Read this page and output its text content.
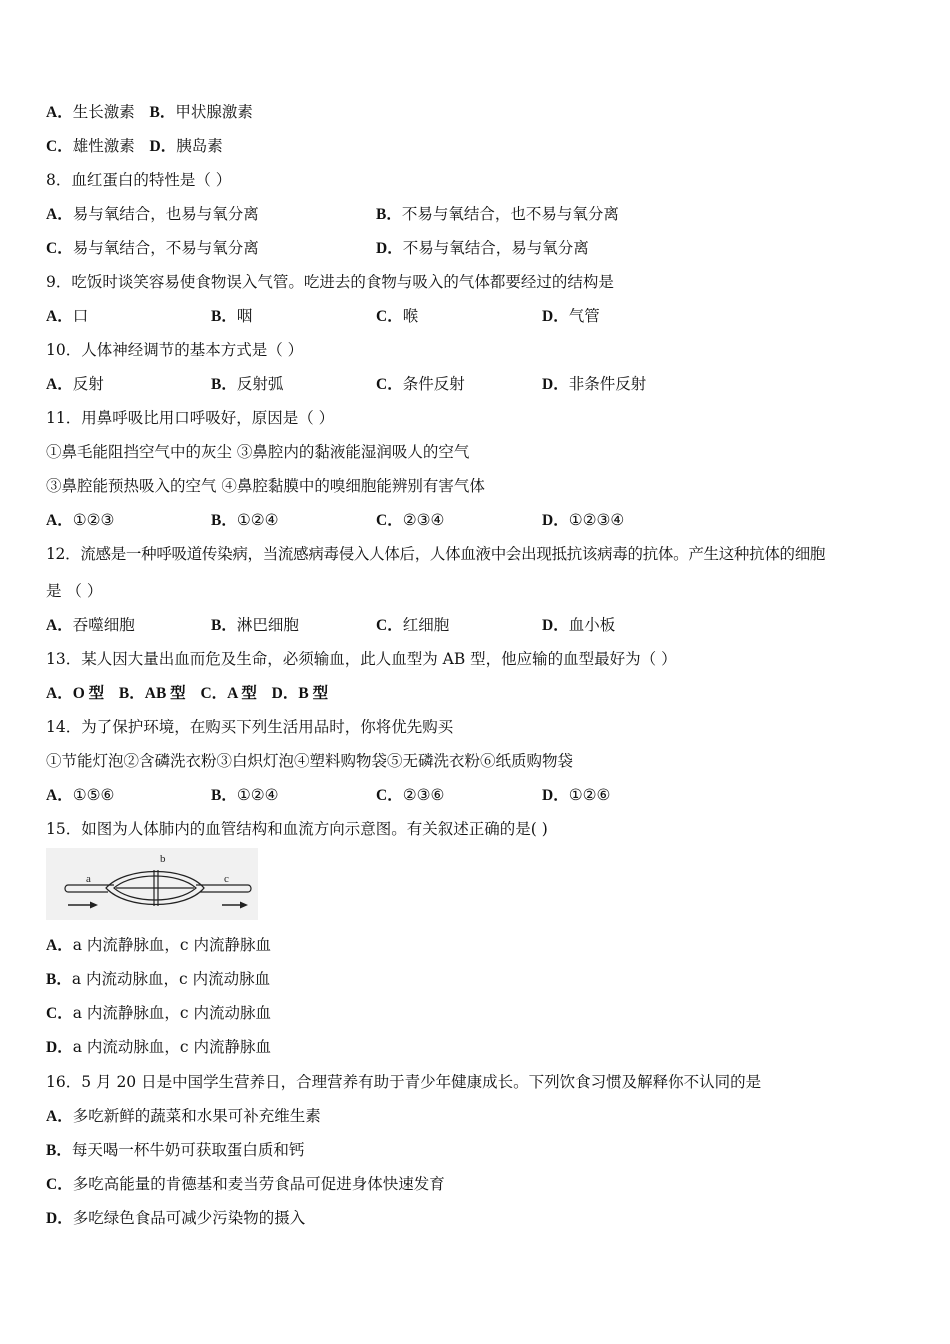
A．生长激素 B．甲状腺激素
C．雄性激素 D．胰岛素
8．血红蛋白的特性是（ ）
A．易与氧结合，也易与氧分离	B．不易与氧结合，也不易与氧分离
C．易与氧结合，不易与氧分离	D．不易与氧结合，易与氧分离
9．吃饭时谈笑容易使食物误入气管。吃进去的食物与吸入的气体都要经过的结构是
A．口	B．咽	C．喉	D．气管
10．人体神经调节的基本方式是（ ）
A．反射	B．反射弧	C．条件反射	D．非条件反射
11．用鼻呼吸比用口呼吸好，原因是（ ）
①鼻毛能阻挡空气中的灰尘 ③鼻腔内的黏液能湿润吸人的空气
③鼻腔能预热吸入的空气 ④鼻腔黏膜中的嗅细胞能辨别有害气体
A．①②③	B．①②④	C．②③④	D．①②③④
12．流感是一种呼吸道传染病，当流感病毒侵入人体后，人体血液中会出现抵抗该病毒的抗体。产生这种抗体的细胞
是 （ ）
A．吞噬细胞	B．淋巴细胞	C．红细胞	D．血小板
13．某人因大量出血而危及生命，必须输血，此人血型为 AB 型，他应输的血型最好为（ ）
A．O 型 B．AB 型 C．A 型 D．B 型
14．为了保护环境，在购买下列生活用品时，你将优先购买
①节能灯泡②含磷洗衣粉③白炽灯泡④塑料购物袋⑤无磷洗衣粉⑥纸质购物袋
A．①⑤⑥	B．①②④	C．②③⑥	D．①②⑥
15．如图为人体肺内的血管结构和血流方向示意图。有关叙述正确的是( )
a
b
c
A．a 内流静脉血，c 内流静脉血
B．a 内流动脉血，c 内流动脉血
C．a 内流静脉血，c 内流动脉血
D．a 内流动脉血，c 内流静脉血
16．5 月 20 日是中国学生营养日，合理营养有助于青少年健康成长。下列饮食习惯及解释你不认同的是
A．多吃新鲜的蔬菜和水果可补充维生素
B．每天喝一杯牛奶可获取蛋白质和钙
C．多吃高能量的肯德基和麦当劳食品可促进身体快速发育
D．多吃绿色食品可减少污染物的摄入
